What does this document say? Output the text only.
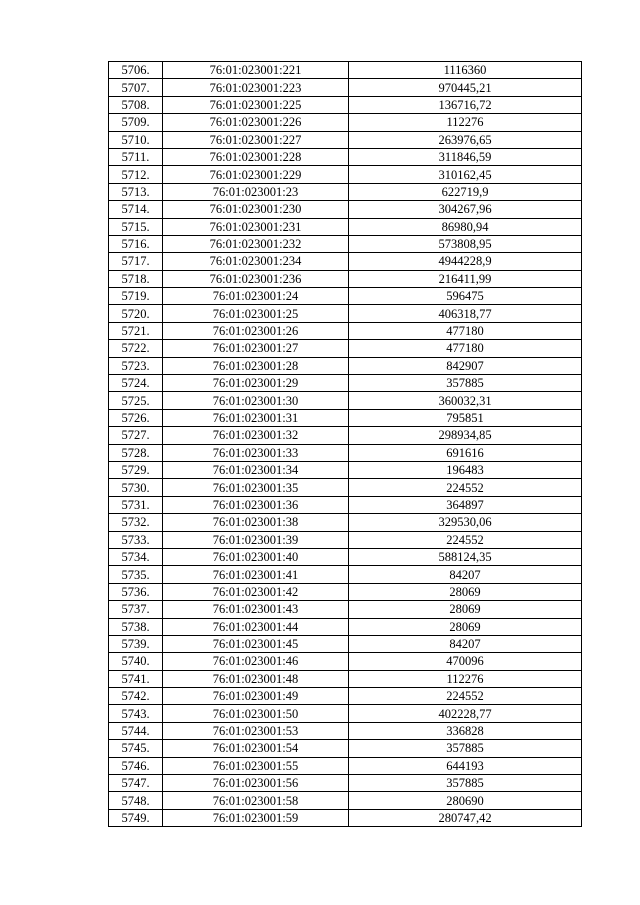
5706.	76:01:023001:221	1116360
5707.	76:01:023001:223	970445,21
5708.	76:01:023001:225	136716,72
5709.	76:01:023001:226	112276
5710.	76:01:023001:227	263976,65
5711.	76:01:023001:228	311846,59
5712.	76:01:023001:229	310162,45
5713.	76:01:023001:23	622719,9
5714.	76:01:023001:230	304267,96
5715.	76:01:023001:231	86980,94
5716.	76:01:023001:232	573808,95
5717.	76:01:023001:234	4944228,9
5718.	76:01:023001:236	216411,99
5719.	76:01:023001:24	596475
5720.	76:01:023001:25	406318,77
5721.	76:01:023001:26	477180
5722.	76:01:023001:27	477180
5723.	76:01:023001:28	842907
5724.	76:01:023001:29	357885
5725.	76:01:023001:30	360032,31
5726.	76:01:023001:31	795851
5727.	76:01:023001:32	298934,85
5728.	76:01:023001:33	691616
5729.	76:01:023001:34	196483
5730.	76:01:023001:35	224552
5731.	76:01:023001:36	364897
5732.	76:01:023001:38	329530,06
5733.	76:01:023001:39	224552
5734.	76:01:023001:40	588124,35
5735.	76:01:023001:41	84207
5736.	76:01:023001:42	28069
5737.	76:01:023001:43	28069
5738.	76:01:023001:44	28069
5739.	76:01:023001:45	84207
5740.	76:01:023001:46	470096
5741.	76:01:023001:48	112276
5742.	76:01:023001:49	224552
5743.	76:01:023001:50	402228,77
5744.	76:01:023001:53	336828
5745.	76:01:023001:54	357885
5746.	76:01:023001:55	644193
5747.	76:01:023001:56	357885
5748.	76:01:023001:58	280690
5749.	76:01:023001:59	280747,42
